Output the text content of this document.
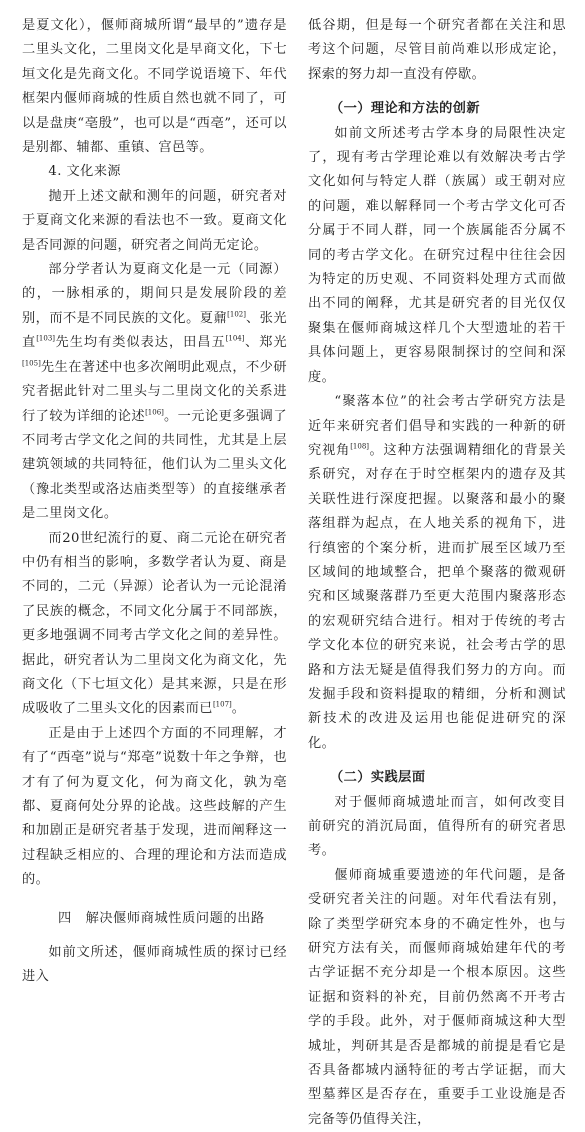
是夏文化），偃师商城所谓“最早的”遗存是二里头文化，二里岗文化是早商文化，下七垣文化是先商文化。不同学说语境下、年代框架内偃师商城的性质自然也就不同了，可以是盘庚“亳殷”，也可以是“西亳”，还可以是别都、辅都、重镇、宫邑等。

4. 文化来源

抛开上述文献和测年的问题，研究者对于夏商文化来源的看法也不一致。夏商文化是否同源的问题，研究者之间尚无定论。

部分学者认为夏商文化是一元（同源）的，一脉相承的，期间只是发展阶段的差别，而不是不同民族的文化。夏鼐[102]、张光直[103]先生均有类似表达，田昌五[104]、郑光[105]先生在著述中也多次阐明此观点，不少研究者据此针对二里头与二里岗文化的关系进行了较为详细的论述[106]。一元论更多强调了不同考古学文化之间的共同性，尤其是上层建筑领域的共同特征，他们认为二里头文化（豫北类型或洛达庙类型等）的直接继承者是二里岗文化。

而20世纪流行的夏、商二元论在研究者中仍有相当的影响，多数学者认为夏、商是不同的，二元（异源）论者认为一元论混淆了民族的概念，不同文化分属于不同部族，更多地强调不同考古学文化之间的差异性。据此，研究者认为二里岗文化为商文化，先商文化（下七垣文化）是其来源，只是在形成吸收了二里头文化的因素而已[107]。

正是由于上述四个方面的不同理解，才有了“西亳”说与“郑亳”说数十年之争辩，也才有了何为夏文化，何为商文化，孰为亳都、夏商何处分界的论战。这些歧解的产生和加剧正是研究者基于发现，进而阐释这一过程缺乏相应的、合理的理论和方法而造成的。

四　解决偃师商城性质问题的出路

如前文所述，偃师商城性质的探讨已经进入

低谷期，但是每一个研究者都在关注和思考这个问题，尽管目前尚难以形成定论，探索的努力却一直没有停歇。

（一）理论和方法的创新

如前文所述考古学本身的局限性决定了，现有考古学理论难以有效解决考古学文化如何与特定人群（族属）或王朝对应的问题，难以解释同一个考古学文化可否分属于不同人群，同一个族属能否分属不同的考古学文化。在研究过程中往往会因为特定的历史观、不同资料处理方式而做出不同的阐释，尤其是研究者的目光仅仅聚集在偃师商城这样几个大型遗址的若干具体问题上，更容易限制探讨的空间和深度。

“聚落本位”的社会考古学研究方法是近年来研究者们倡导和实践的一种新的研究视角[108]。这种方法强调精细化的背景关系研究，对存在于时空框架内的遗存及其关联性进行深度把握。以聚落和最小的聚落组群为起点，在人地关系的视角下，进行缜密的个案分析，进而扩展至区域乃至区域间的地域整合，把单个聚落的微观研究和区域聚落群乃至更大范围内聚落形态的宏观研究结合进行。相对于传统的考古学文化本位的研究来说，社会考古学的思路和方法无疑是值得我们努力的方向。而发掘手段和资料提取的精细，分析和测试新技术的改进及运用也能促进研究的深化。

（二）实践层面

对于偃师商城遗址而言，如何改变目前研究的消沉局面，值得所有的研究者思考。

偃师商城重要遗迹的年代问题，是备受研究者关注的问题。对年代看法有别，除了类型学研究本身的不确定性外，也与研究方法有关，而偃师商城始建年代的考古学证据不充分却是一个根本原因。这些证据和资料的补充，目前仍然离不开考古学的手段。此外，对于偃师商城这种大型城址，判研其是否是都城的前提是看它是否具备都城内涵特征的考古学证据，而大型墓葬区是否存在，重要手工业设施是否完备等仍值得关注，
